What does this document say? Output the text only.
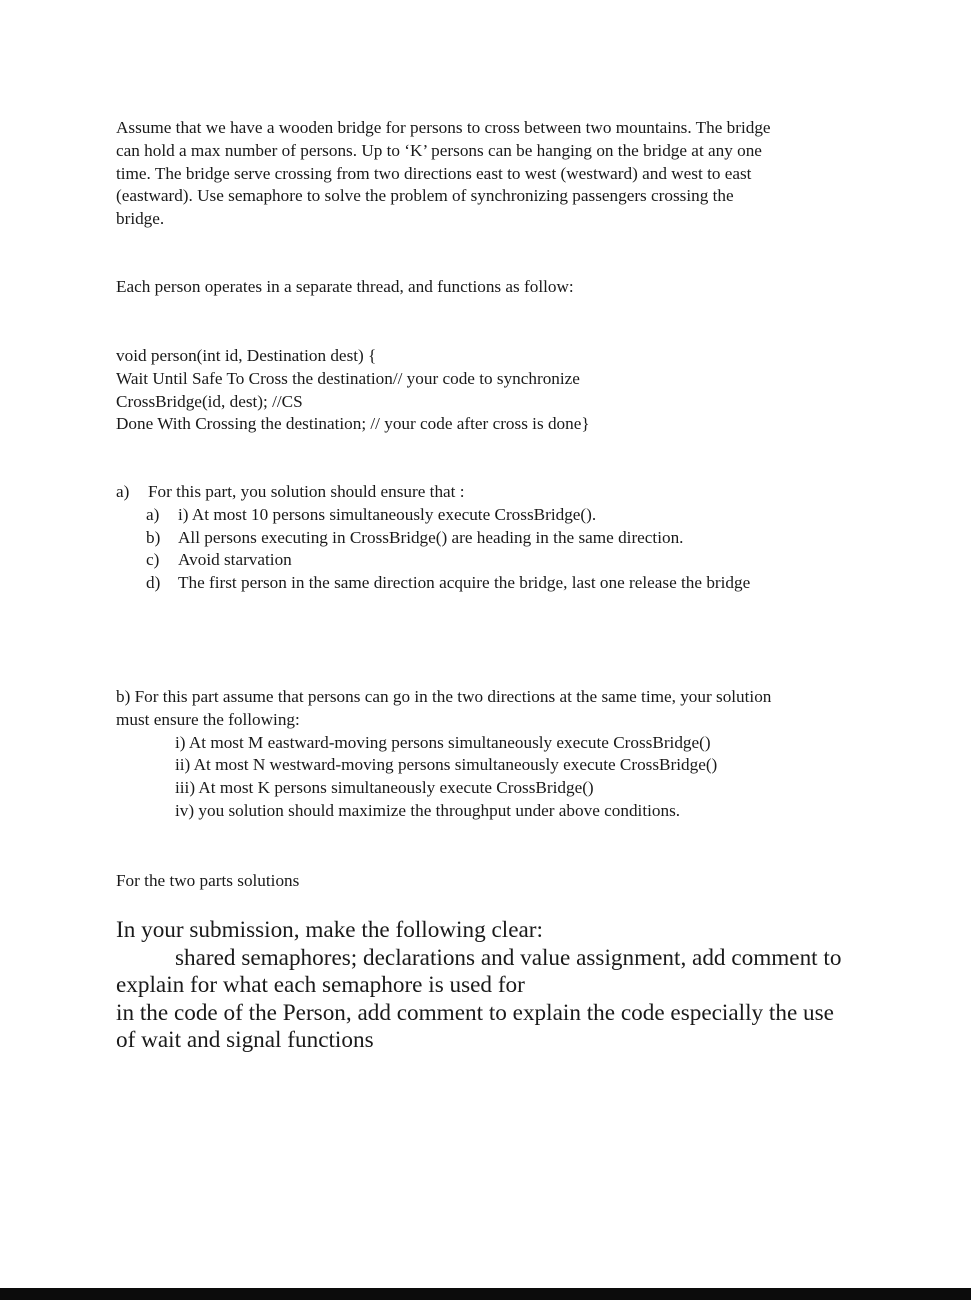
Assume that we have a wooden bridge for persons to cross between two mountains. The bridge

can hold a max number of persons. Up to ‘K’ persons can be hanging on the bridge at any one

time. The bridge serve crossing from two directions east to west (westward) and west to east

(eastward). Use semaphore to solve the problem of synchronizing passengers crossing the

bridge.

Each person operates in a separate thread, and functions as follow:

void person(int id, Destination dest) {

Wait Until Safe To Cross the destination// your code to synchronize

CrossBridge(id, dest); //CS

Done With Crossing the destination; // your code after cross is done}

a)	For this part, you solution should ensure that :
a)	i) At most 10 persons simultaneously execute CrossBridge().
b)	All persons executing in CrossBridge() are heading in the same direction.
c)	Avoid starvation
d)	The first person in the same direction acquire the bridge, last one release the bridge

b) For this part assume that persons can go in the two directions at the same time, your solution

must ensure the following:

i) At most M eastward-moving persons simultaneously execute CrossBridge()

ii) At most N westward-moving persons simultaneously execute CrossBridge()

iii) At most K persons simultaneously execute CrossBridge()

iv) you solution should maximize the throughput under above conditions.

For the two parts solutions

In your submission, make the following clear:

shared semaphores; declarations and value assignment, add comment to

explain for what each semaphore is used for

in the code of the Person, add comment to explain the code especially the use

of wait and signal functions
